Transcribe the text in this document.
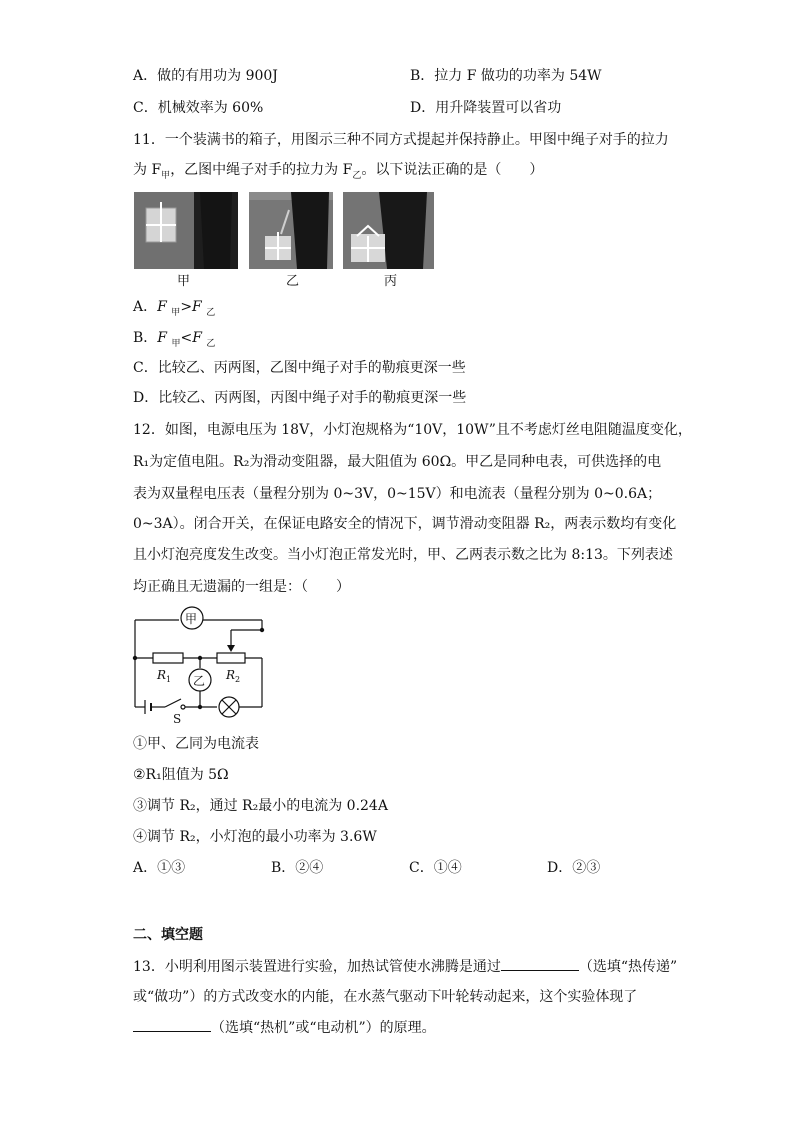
A．做的有用功为 900J	B．拉力 F 做功的功率为 54W
C．机械效率为 60%	D．用升降装置可以省功
11．一个装满书的箱子，用图示三种不同方式提起并保持静止。甲图中绳子对手的拉力
为 $F_甲$，乙图中绳子对手的拉力为 $F_乙$。以下说法正确的是（　　）
甲	乙	丙
A．F $_甲$>F $_乙$
B．F $_甲$<F $_乙$
C．比较乙、丙两图，乙图中绳子对手的勒痕更深一些
D．比较乙、丙两图，丙图中绳子对手的勒痕更深一些
12．如图，电源电压为 18V，小灯泡规格为“10V，10W”且不考虑灯丝电阻随温度变化，
R₁为定值电阻。R₂为滑动变阻器，最大阻值为 60Ω。甲乙是同种电表，可供选择的电
表为双量程电压表（量程分别为 0~3V，0~15V）和电流表（量程分别为 0~0.6A；
0~3A）。闭合开关，在保证电路安全的情况下，调节滑动变阻器 R₂，两表示数均有变化
且小灯泡亮度发生改变。当小灯泡正常发光时，甲、乙两表示数之比为 8:13。下列表述
均正确且无遗漏的一组是：（　　）
甲
乙
$R_1$	$R_2$
S
①甲、乙同为电流表
②R₁阻值为 5Ω
③调节 R₂，通过 R₂最小的电流为 0.24A
④调节 R₂，小灯泡的最小功率为 3.6W
A．①③	B．②④	C．①④	D．②③
二、填空题
13．小明利用图示装置进行实验，加热试管使水沸腾是通过	（选填“热传递”
或“做功”）的方式改变水的内能，在水蒸气驱动下叶轮转动起来，这个实验体现了
（选填“热机”或“电动机”）的原理。
